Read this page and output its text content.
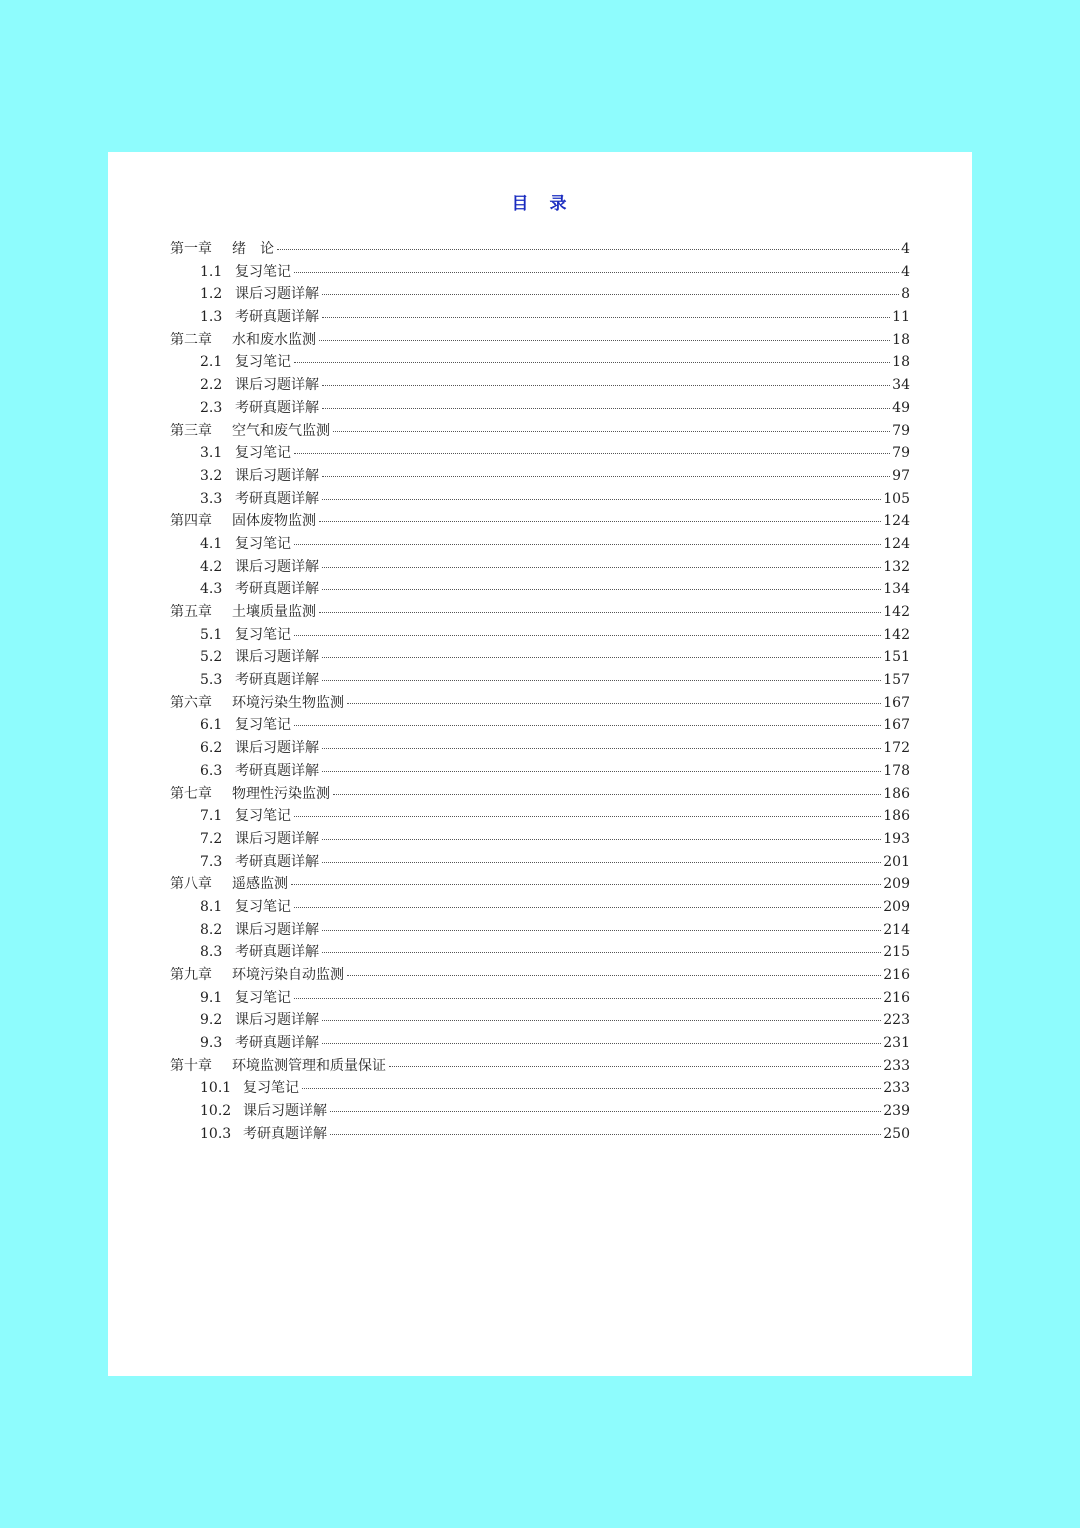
目　录
第一章	绪　论	4
1.1 复习笔记	4
1.2 课后习题详解	8
1.3 考研真题详解	11
第二章	水和废水监测	18
2.1 复习笔记	18
2.2 课后习题详解	34
2.3 考研真题详解	49
第三章	空气和废气监测	79
3.1 复习笔记	79
3.2 课后习题详解	97
3.3 考研真题详解	105
第四章	固体废物监测	124
4.1 复习笔记	124
4.2 课后习题详解	132
4.3 考研真题详解	134
第五章	土壤质量监测	142
5.1 复习笔记	142
5.2 课后习题详解	151
5.3 考研真题详解	157
第六章	环境污染生物监测	167
6.1 复习笔记	167
6.2 课后习题详解	172
6.3 考研真题详解	178
第七章	物理性污染监测	186
7.1 复习笔记	186
7.2 课后习题详解	193
7.3 考研真题详解	201
第八章	遥感监测	209
8.1 复习笔记	209
8.2 课后习题详解	214
8.3 考研真题详解	215
第九章	环境污染自动监测	216
9.1 复习笔记	216
9.2 课后习题详解	223
9.3 考研真题详解	231
第十章	环境监测管理和质量保证	233
10.1 复习笔记	233
10.2 课后习题详解	239
10.3 考研真题详解	250
